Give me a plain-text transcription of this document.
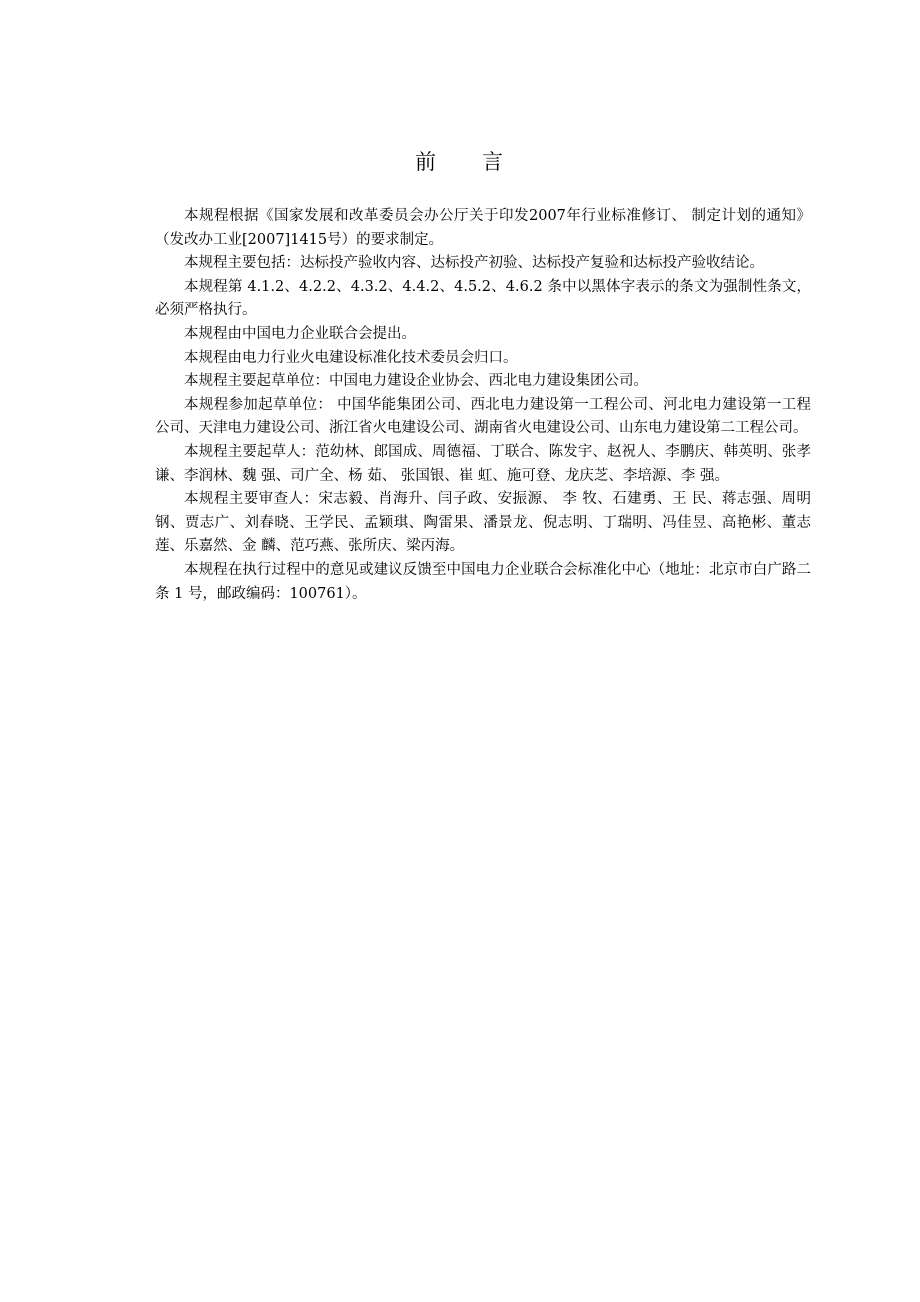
前 言

本规程根据《国家发展和改革委员会办公厅关于印发2007年行业标准修订、 制定计划的通知》（发改办工业[2007]1415号）的要求制定。

本规程主要包括：达标投产验收内容、达标投产初验、达标投产复验和达标投产验收结论。

本规程第 4.1.2、4.2.2、4.3.2、4.4.2、4.5.2、4.6.2 条中以黑体字表示的条文为强制性条文，必须严格执行。

本规程由中国电力企业联合会提出。

本规程由电力行业火电建设标准化技术委员会归口。

本规程主要起草单位：中国电力建设企业协会、西北电力建设集团公司。

本规程参加起草单位： 中国华能集团公司、西北电力建设第一工程公司、河北电力建设第一工程公司、天津电力建设公司、浙江省火电建设公司、湖南省火电建设公司、山东电力建设第二工程公司。

本规程主要起草人：范幼林、郎国成、周德福、丁联合、陈发宇、赵祝人、李鹏庆、韩英明、张孝谦、李润林、魏 强、司广全、杨 茹、 张国银、崔 虹、施可登、龙庆芝、李培源、李 强。

本规程主要审查人：宋志毅、肖海升、闫子政、安振源、 李 牧、石建勇、王 民、蒋志强、周明钢、贾志广、刘春晓、王学民、孟颖琪、陶雷果、潘景龙、倪志明、丁瑞明、冯佳昱、高艳彬、董志莲、乐嘉然、金 麟、范巧燕、张所庆、梁丙海。

本规程在执行过程中的意见或建议反馈至中国电力企业联合会标准化中心（地址：北京市白广路二条 1 号，邮政编码：100761）。
